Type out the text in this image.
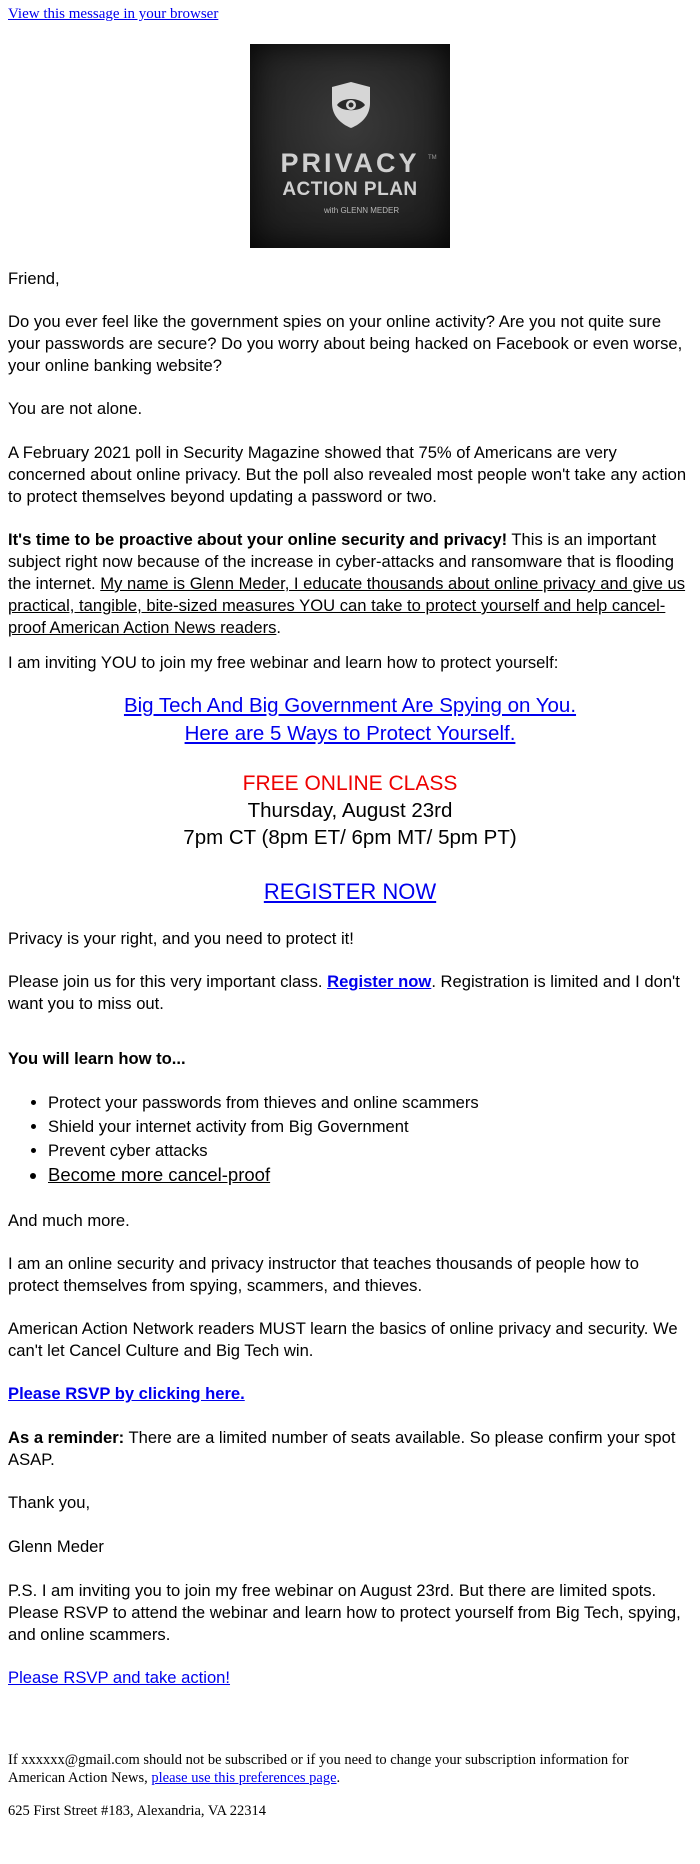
View this message in your browser
PRIVACY	TM
ACTION PLAN
with GLENN MEDER

Friend,

Do you ever feel like the government spies on your online activity? Are you not quite sure your passwords are secure? Do you worry about being hacked on Facebook or even worse, your online banking website?

You are not alone.

A February 2021 poll in Security Magazine showed that 75% of Americans are very concerned about online privacy. But the poll also revealed most people won't take any action to protect themselves beyond updating a password or two.

It's time to be proactive about your online security and privacy! This is an important subject right now because of the increase in cyber-attacks and ransomware that is flooding the internet. My name is Glenn Meder, I educate thousands about online privacy and give us practical, tangible, bite-sized measures YOU can take to protect yourself and help cancel-proof American Action News readers.

I am inviting YOU to join my free webinar and learn how to protect yourself:

Big Tech And Big Government Are Spying on You.
Here are 5 Ways to Protect Yourself.
FREE ONLINE CLASS
Thursday, August 23rd
7pm CT (8pm ET/ 6pm MT/ 5pm PT)
REGISTER NOW

Privacy is your right, and you need to protect it!

Please join us for this very important class. Register now. Registration is limited and I don't want you to miss out.

You will learn how to...

• Protect your passwords from thieves and online scammers
• Shield your internet activity from Big Government
• Prevent cyber attacks
• Become more cancel-proof

And much more.

I am an online security and privacy instructor that teaches thousands of people how to protect themselves from spying, scammers, and thieves.

American Action Network readers MUST learn the basics of online privacy and security. We can't let Cancel Culture and Big Tech win.

Please RSVP by clicking here.

As a reminder: There are a limited number of seats available. So please confirm your spot ASAP.

Thank you,

Glenn Meder

P.S. I am inviting you to join my free webinar on August 23rd. But there are limited spots. Please RSVP to attend the webinar and learn how to protect yourself from Big Tech, spying, and online scammers.

Please RSVP and take action!

If xxxxxx@gmail.com should not be subscribed or if you need to change your subscription information for American Action News, please use this preferences page.
625 First Street #183, Alexandria, VA 22314
